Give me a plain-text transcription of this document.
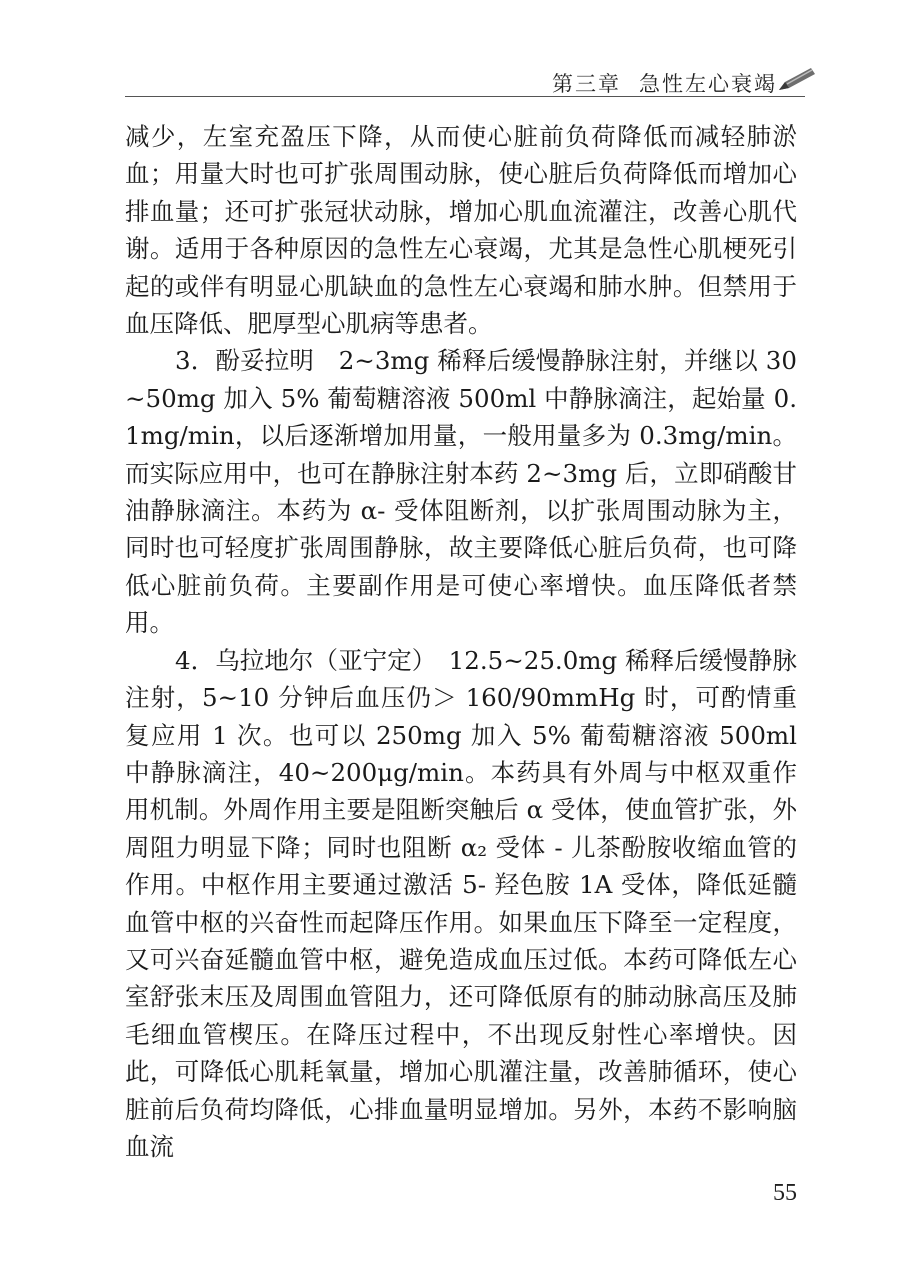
第三章 急性左心衰竭

减少，左室充盈压下降，从而使心脏前负荷降低而减轻肺淤血；用量大时也可扩张周围动脉，使心脏后负荷降低而增加心排血量；还可扩张冠状动脉，增加心肌血流灌注，改善心肌代谢。适用于各种原因的急性左心衰竭，尤其是急性心肌梗死引起的或伴有明显心肌缺血的急性左心衰竭和肺水肿。但禁用于血压降低、肥厚型心肌病等患者。

3．酚妥拉明　2~3mg 稀释后缓慢静脉注射，并继以 30~50mg 加入 5% 葡萄糖溶液 500ml 中静脉滴注，起始量 0.1mg/min，以后逐渐增加用量，一般用量多为 0.3mg/min。而实际应用中，也可在静脉注射本药 2~3mg 后，立即硝酸甘油静脉滴注。本药为 α- 受体阻断剂，以扩张周围动脉为主，同时也可轻度扩张周围静脉，故主要降低心脏后负荷，也可降低心脏前负荷。主要副作用是可使心率增快。血压降低者禁用。

4．乌拉地尔（亚宁定）　12.5~25.0mg 稀释后缓慢静脉注射，5~10 分钟后血压仍＞ 160/90mmHg 时，可酌情重复应用 1 次。也可以 250mg 加入 5% 葡萄糖溶液 500ml 中静脉滴注，40~200μg/min。本药具有外周与中枢双重作用机制。外周作用主要是阻断突触后 α 受体，使血管扩张，外周阻力明显下降；同时也阻断 α₂ 受体 - 儿茶酚胺收缩血管的作用。中枢作用主要通过激活 5- 羟色胺 1A 受体，降低延髓血管中枢的兴奋性而起降压作用。如果血压下降至一定程度，又可兴奋延髓血管中枢，避免造成血压过低。本药可降低左心室舒张末压及周围血管阻力，还可降低原有的肺动脉高压及肺毛细血管楔压。在降压过程中，不出现反射性心率增快。因此，可降低心肌耗氧量，增加心肌灌注量，改善肺循环，使心脏前后负荷均降低，心排血量明显增加。另外，本药不影响脑血流

55
